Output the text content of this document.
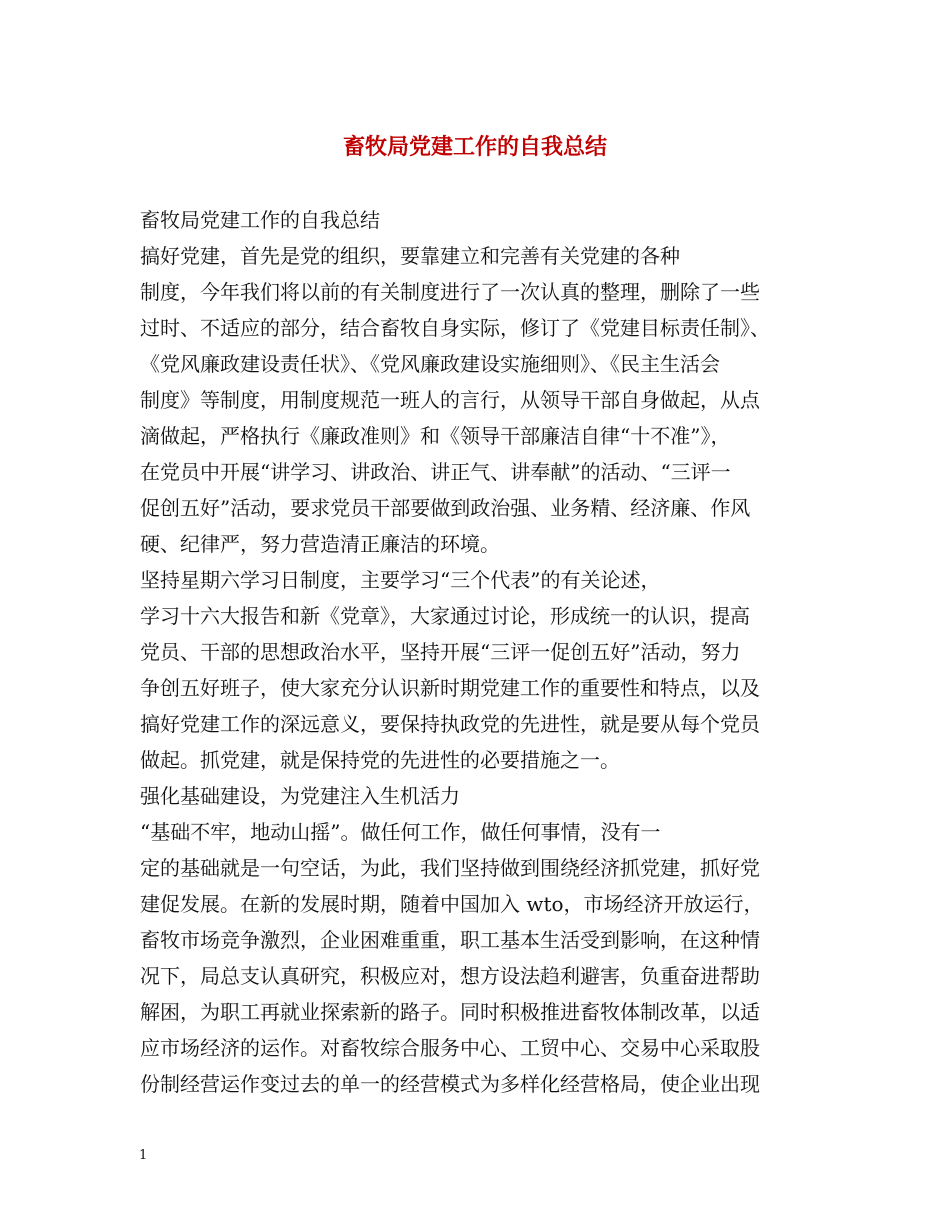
畜牧局党建工作的自我总结
畜牧局党建工作的自我总结
搞好党建，首先是党的组织，要靠建立和完善有关党建的各种
制度，今年我们将以前的有关制度进行了一次认真的整理，删除了一些
过时、不适应的部分，结合畜牧自身实际，修订了《党建目标责任制》、
《党风廉政建设责任状》、《党风廉政建设实施细则》、《民主生活会
制度》等制度，用制度规范一班人的言行，从领导干部自身做起，从点
滴做起，严格执行《廉政准则》和《领导干部廉洁自律“十不准”》，
在党员中开展“讲学习、讲政治、讲正气、讲奉献”的活动、“三评一
促创五好”活动，要求党员干部要做到政治强、业务精、经济廉、作风
硬、纪律严，努力营造清正廉洁的环境。
坚持星期六学习日制度，主要学习“三个代表”的有关论述，
学习十六大报告和新《党章》，大家通过讨论，形成统一的认识，提高
党员、干部的思想政治水平，坚持开展“三评一促创五好”活动，努力
争创五好班子，使大家充分认识新时期党建工作的重要性和特点，以及
搞好党建工作的深远意义，要保持执政党的先进性，就是要从每个党员
做起。抓党建，就是保持党的先进性的必要措施之一。
强化基础建设，为党建注入生机活力
“基础不牢，地动山摇”。做任何工作，做任何事情，没有一
定的基础就是一句空话，为此，我们坚持做到围绕经济抓党建，抓好党
建促发展。在新的发展时期，随着中国加入 wto，市场经济开放运行，
畜牧市场竞争激烈，企业困难重重，职工基本生活受到影响，在这种情
况下，局总支认真研究，积极应对，想方设法趋利避害，负重奋进帮助
解困，为职工再就业探索新的路子。同时积极推进畜牧体制改革，以适
应市场经济的运作。对畜牧综合服务中心、工贸中心、交易中心采取股
份制经营运作变过去的单一的经营模式为多样化经营格局，使企业出现
1
